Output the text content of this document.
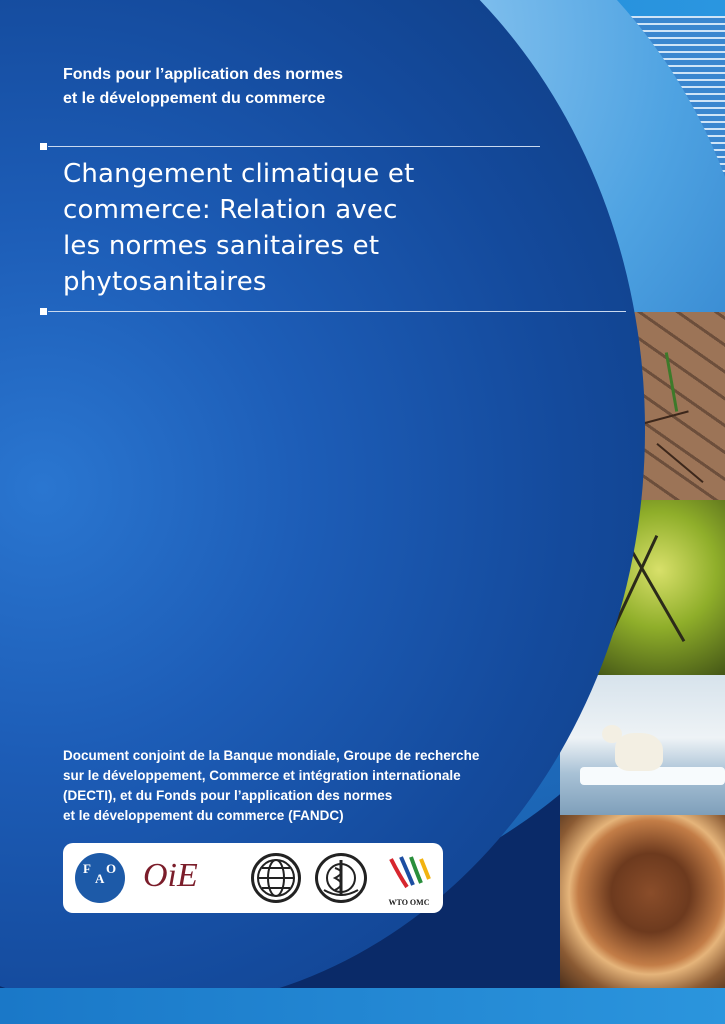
Fonds pour l’application des normes
et le développement du commerce
Changement climatique et
commerce: Relation avec
les normes sanitaires et
phytosanitaires
Document conjoint de la Banque mondiale, Groupe de recherche
sur le développement, Commerce et intégration internationale
(DECTI), et du Fonds pour l’application des normes
et le développement du commerce (FANDC)
F
A
O OiE
WTO OMC
